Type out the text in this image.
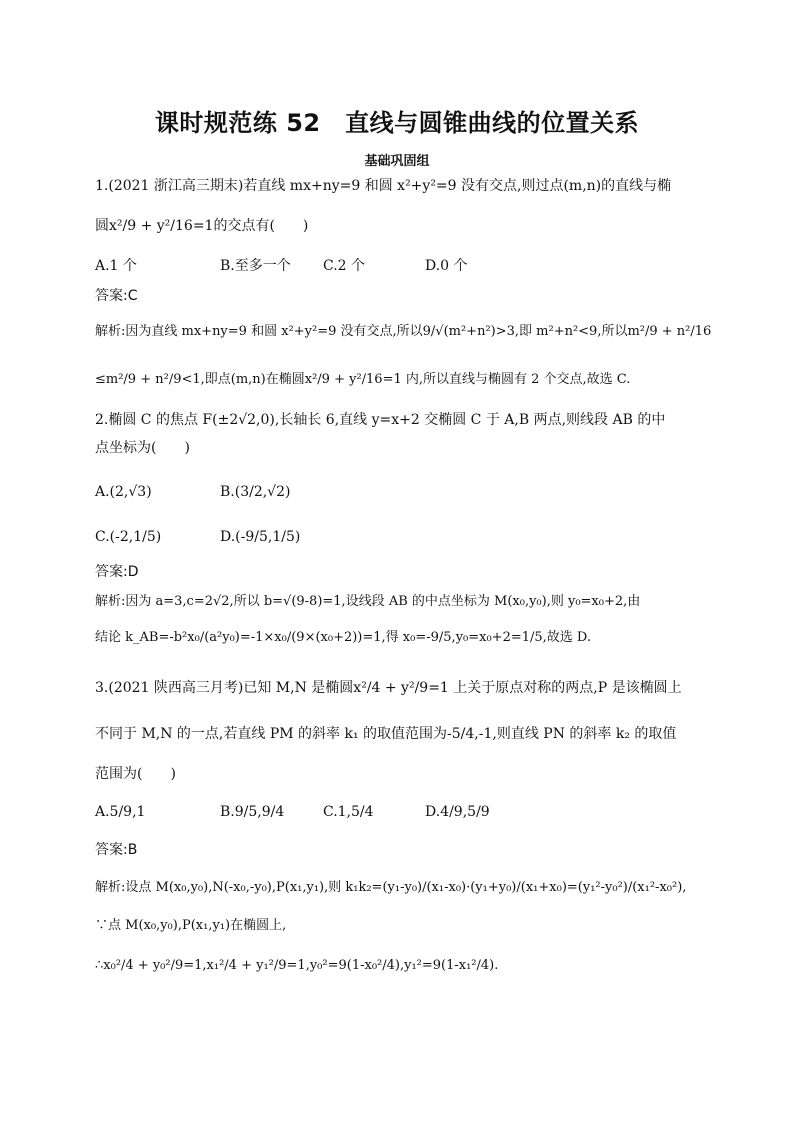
课时规范练 52　直线与圆锥曲线的位置关系
基础巩固组
1.(2021 浙江高三期末)若直线 mx+ny=9 和圆 x²+y²=9 没有交点,则过点(m,n)的直线与椭
圆x²/9 + y²/16=1的交点有(　　)
A.1 个	B.至多一个 C.2 个	D.0 个
答案:C
解析:因为直线 mx+ny=9 和圆 x²+y²=9 没有交点,所以9/√(m²+n²)>3,即 m²+n²<9,所以m²/9 + n²/16
≤m²/9 + n²/9<1,即点(m,n)在椭圆x²/9 + y²/16=1 内,所以直线与椭圆有 2 个交点,故选 C.
2.椭圆 C 的焦点 F(±2√2,0),长轴长 6,直线 y=x+2 交椭圆 C 于 A,B 两点,则线段 AB 的中
点坐标为(　　)
A.(2,√3)	B.(3/2,√2)
C.(-2,1/5)	D.(-9/5,1/5)
答案:D
解析:因为 a=3,c=2√2,所以 b=√(9-8)=1,设线段 AB 的中点坐标为 M(x₀,y₀),则 y₀=x₀+2,由
结论 k_AB=-b²x₀/(a²y₀)=-1×x₀/(9×(x₀+2))=1,得 x₀=-9/5,y₀=x₀+2=1/5,故选 D.
3.(2021 陕西高三月考)已知 M,N 是椭圆x²/4 + y²/9=1 上关于原点对称的两点,P 是该椭圆上
不同于 M,N 的一点,若直线 PM 的斜率 k₁ 的取值范围为-5/4,-1,则直线 PN 的斜率 k₂ 的取值
范围为(　　)
A.5/9,1	B.9/5,9/4	C.1,5/4	D.4/9,5/9
答案:B
解析:设点 M(x₀,y₀),N(-x₀,-y₀),P(x₁,y₁),则 k₁k₂=(y₁-y₀)/(x₁-x₀)·(y₁+y₀)/(x₁+x₀)=(y₁²-y₀²)/(x₁²-x₀²),
∵点 M(x₀,y₀),P(x₁,y₁)在椭圆上,
∴x₀²/4 + y₀²/9=1,x₁²/4 + y₁²/9=1,y₀²=9(1-x₀²/4),y₁²=9(1-x₁²/4).
